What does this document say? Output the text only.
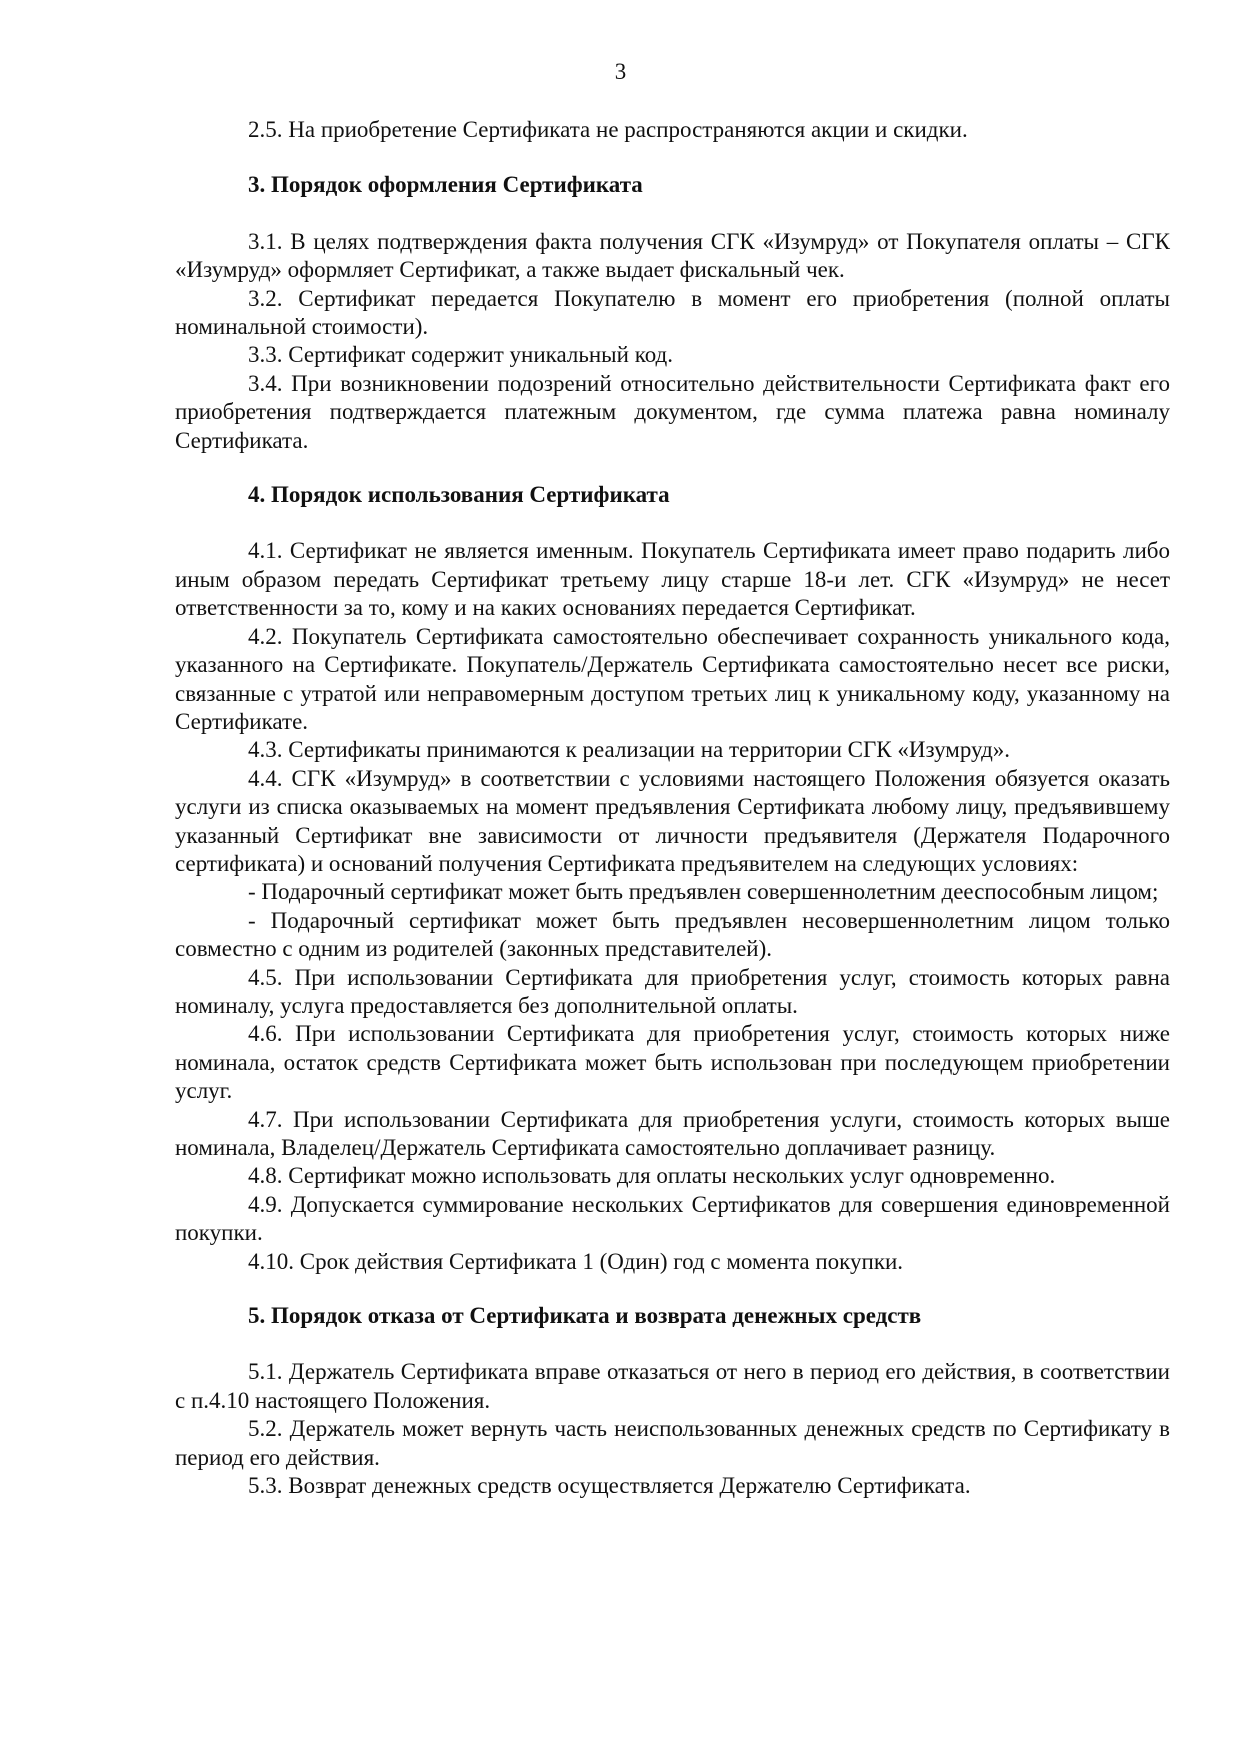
3

2.5. На приобретение Сертификата не распространяются акции и скидки.

3. Порядок оформления Сертификата

3.1. В целях подтверждения факта получения СГК «Изумруд» от Покупателя оплаты – СГК «Изумруд» оформляет Сертификат, а также выдает фискальный чек.

3.2. Сертификат передается Покупателю в момент его приобретения (полной оплаты номинальной стоимости).

3.3. Сертификат содержит уникальный код.

3.4. При возникновении подозрений относительно действительности Сертификата факт его приобретения подтверждается платежным документом, где сумма платежа равна номиналу Сертификата.

4. Порядок использования Сертификата

4.1. Сертификат не является именным. Покупатель Сертификата имеет право подарить либо иным образом передать Сертификат третьему лицу старше 18-и лет. СГК «Изумруд» не несет ответственности за то, кому и на каких основаниях передается Сертификат.

4.2. Покупатель Сертификата самостоятельно обеспечивает сохранность уникального кода, указанного на Сертификате. Покупатель/Держатель Сертификата самостоятельно несет все риски, связанные с утратой или неправомерным доступом третьих лиц к уникальному коду, указанному на Сертификате.

4.3. Сертификаты принимаются к реализации на территории СГК «Изумруд».

4.4. СГК «Изумруд» в соответствии с условиями настоящего Положения обязуется оказать услуги из списка оказываемых на момент предъявления Сертификата любому лицу, предъявившему указанный Сертификат вне зависимости от личности предъявителя (Держателя Подарочного сертификата) и оснований получения Сертификата предъявителем на следующих условиях:

- Подарочный сертификат может быть предъявлен совершеннолетним дееспособным лицом;

- Подарочный сертификат может быть предъявлен несовершеннолетним лицом только совместно с одним из родителей (законных представителей).

4.5. При использовании Сертификата для приобретения услуг, стоимость которых равна номиналу, услуга предоставляется без дополнительной оплаты.

4.6. При использовании Сертификата для приобретения услуг, стоимость которых ниже номинала, остаток средств Сертификата может быть использован при последующем приобретении услуг.

4.7. При использовании Сертификата для приобретения услуги, стоимость которых выше номинала, Владелец/Держатель Сертификата самостоятельно доплачивает разницу.

4.8. Сертификат можно использовать для оплаты нескольких услуг одновременно.

4.9. Допускается суммирование нескольких Сертификатов для совершения единовременной покупки.

4.10. Срок действия Сертификата 1 (Один) год с момента покупки.

5. Порядок отказа от Сертификата и возврата денежных средств

5.1. Держатель Сертификата вправе отказаться от него в период его действия, в соответствии с п.4.10 настоящего Положения.

5.2. Держатель может вернуть часть неиспользованных денежных средств по Сертификату в период его действия.

5.3. Возврат денежных средств осуществляется Держателю Сертификата.
